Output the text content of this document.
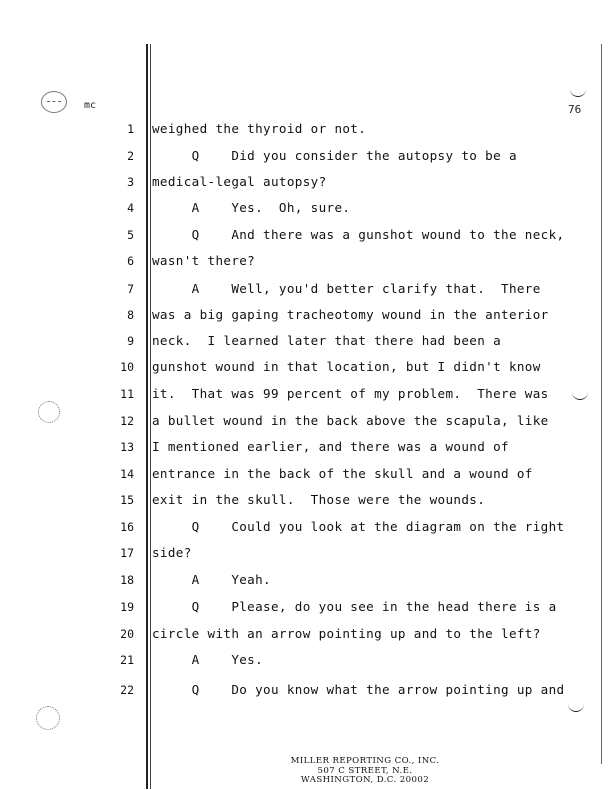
mc	76
1 weighed the thyroid or not.
2 Q    Did you consider the autopsy to be a
3 medical-legal autopsy?
4 A    Yes.  Oh, sure.
5 Q    And there was a gunshot wound to the neck,
6 wasn't there?
7 A    Well, you'd better clarify that.  There
8 was a big gaping tracheotomy wound in the anterior
9 neck.  I learned later that there had been a
10 gunshot wound in that location, but I didn't know
11 it.  That was 99 percent of my problem.  There was
12 a bullet wound in the back above the scapula, like
13 I mentioned earlier, and there was a wound of
14 entrance in the back of the skull and a wound of
15 exit in the skull.  Those were the wounds.
16 Q    Could you look at the diagram on the right
17 side?
18 A    Yeah.
19 Q    Please, do you see in the head there is a
20 circle with an arrow pointing up and to the left?
21 A    Yes.
22 Q    Do you know what the arrow pointing up and
MILLER REPORTING CO., INC.
507 C STREET, N.E.
WASHINGTON, D.C. 20002
